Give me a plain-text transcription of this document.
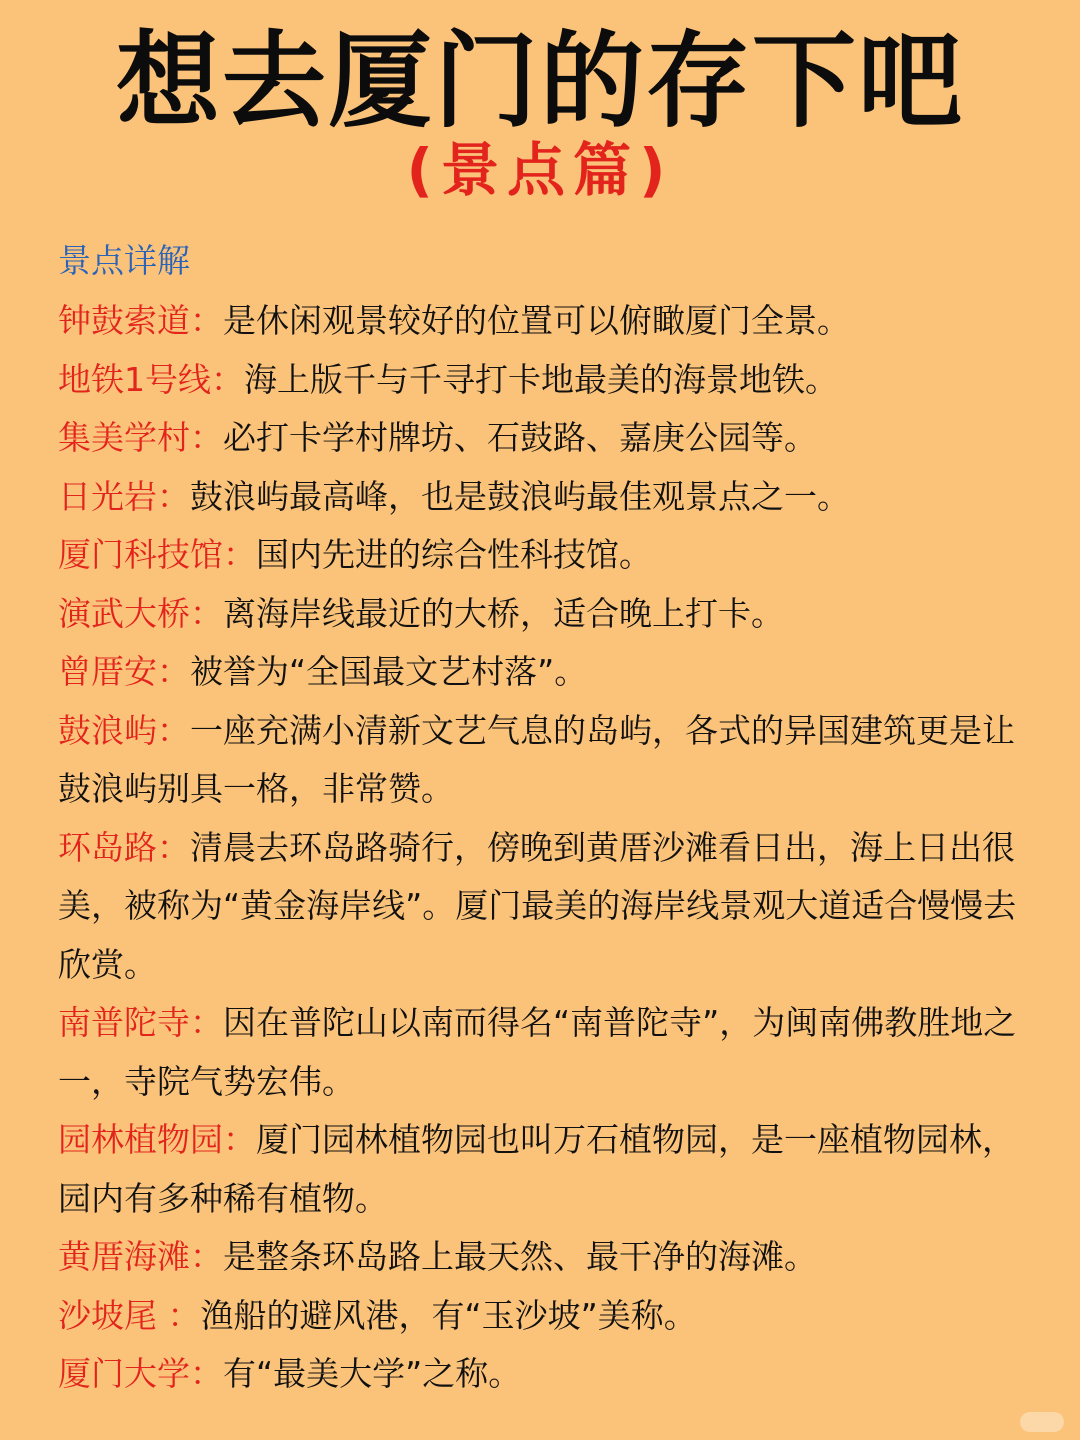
想去厦门的存下吧
(景点篇)
景点详解

钟鼓索道：是休闲观景较好的位置可以俯瞰厦门全景。

地铁1号线：海上版千与千寻打卡地最美的海景地铁。

集美学村：必打卡学村牌坊、石鼓路、嘉庚公园等。

日光岩：鼓浪屿最高峰，也是鼓浪屿最佳观景点之一。

厦门科技馆：国内先进的综合性科技馆。

演武大桥：离海岸线最近的大桥，适合晚上打卡。

曾厝安：被誉为“全国最文艺村落”。

鼓浪屿：一座充满小清新文艺气息的岛屿，各式的异国建筑更是让鼓浪屿别具一格，非常赞。

环岛路：清晨去环岛路骑行，傍晚到黄厝沙滩看日出，海上日出很美，被称为“黄金海岸线”。厦门最美的海岸线景观大道适合慢慢去欣赏。

南普陀寺：因在普陀山以南而得名“南普陀寺”，为闽南佛教胜地之一，寺院气势宏伟。

园林植物园：厦门园林植物园也叫万石植物园，是一座植物园林，园内有多种稀有植物。

黄厝海滩：是整条环岛路上最天然、最干净的海滩。

沙坡尾 ：渔船的避风港，有“玉沙坡”美称。

厦门大学：有“最美大学”之称。
